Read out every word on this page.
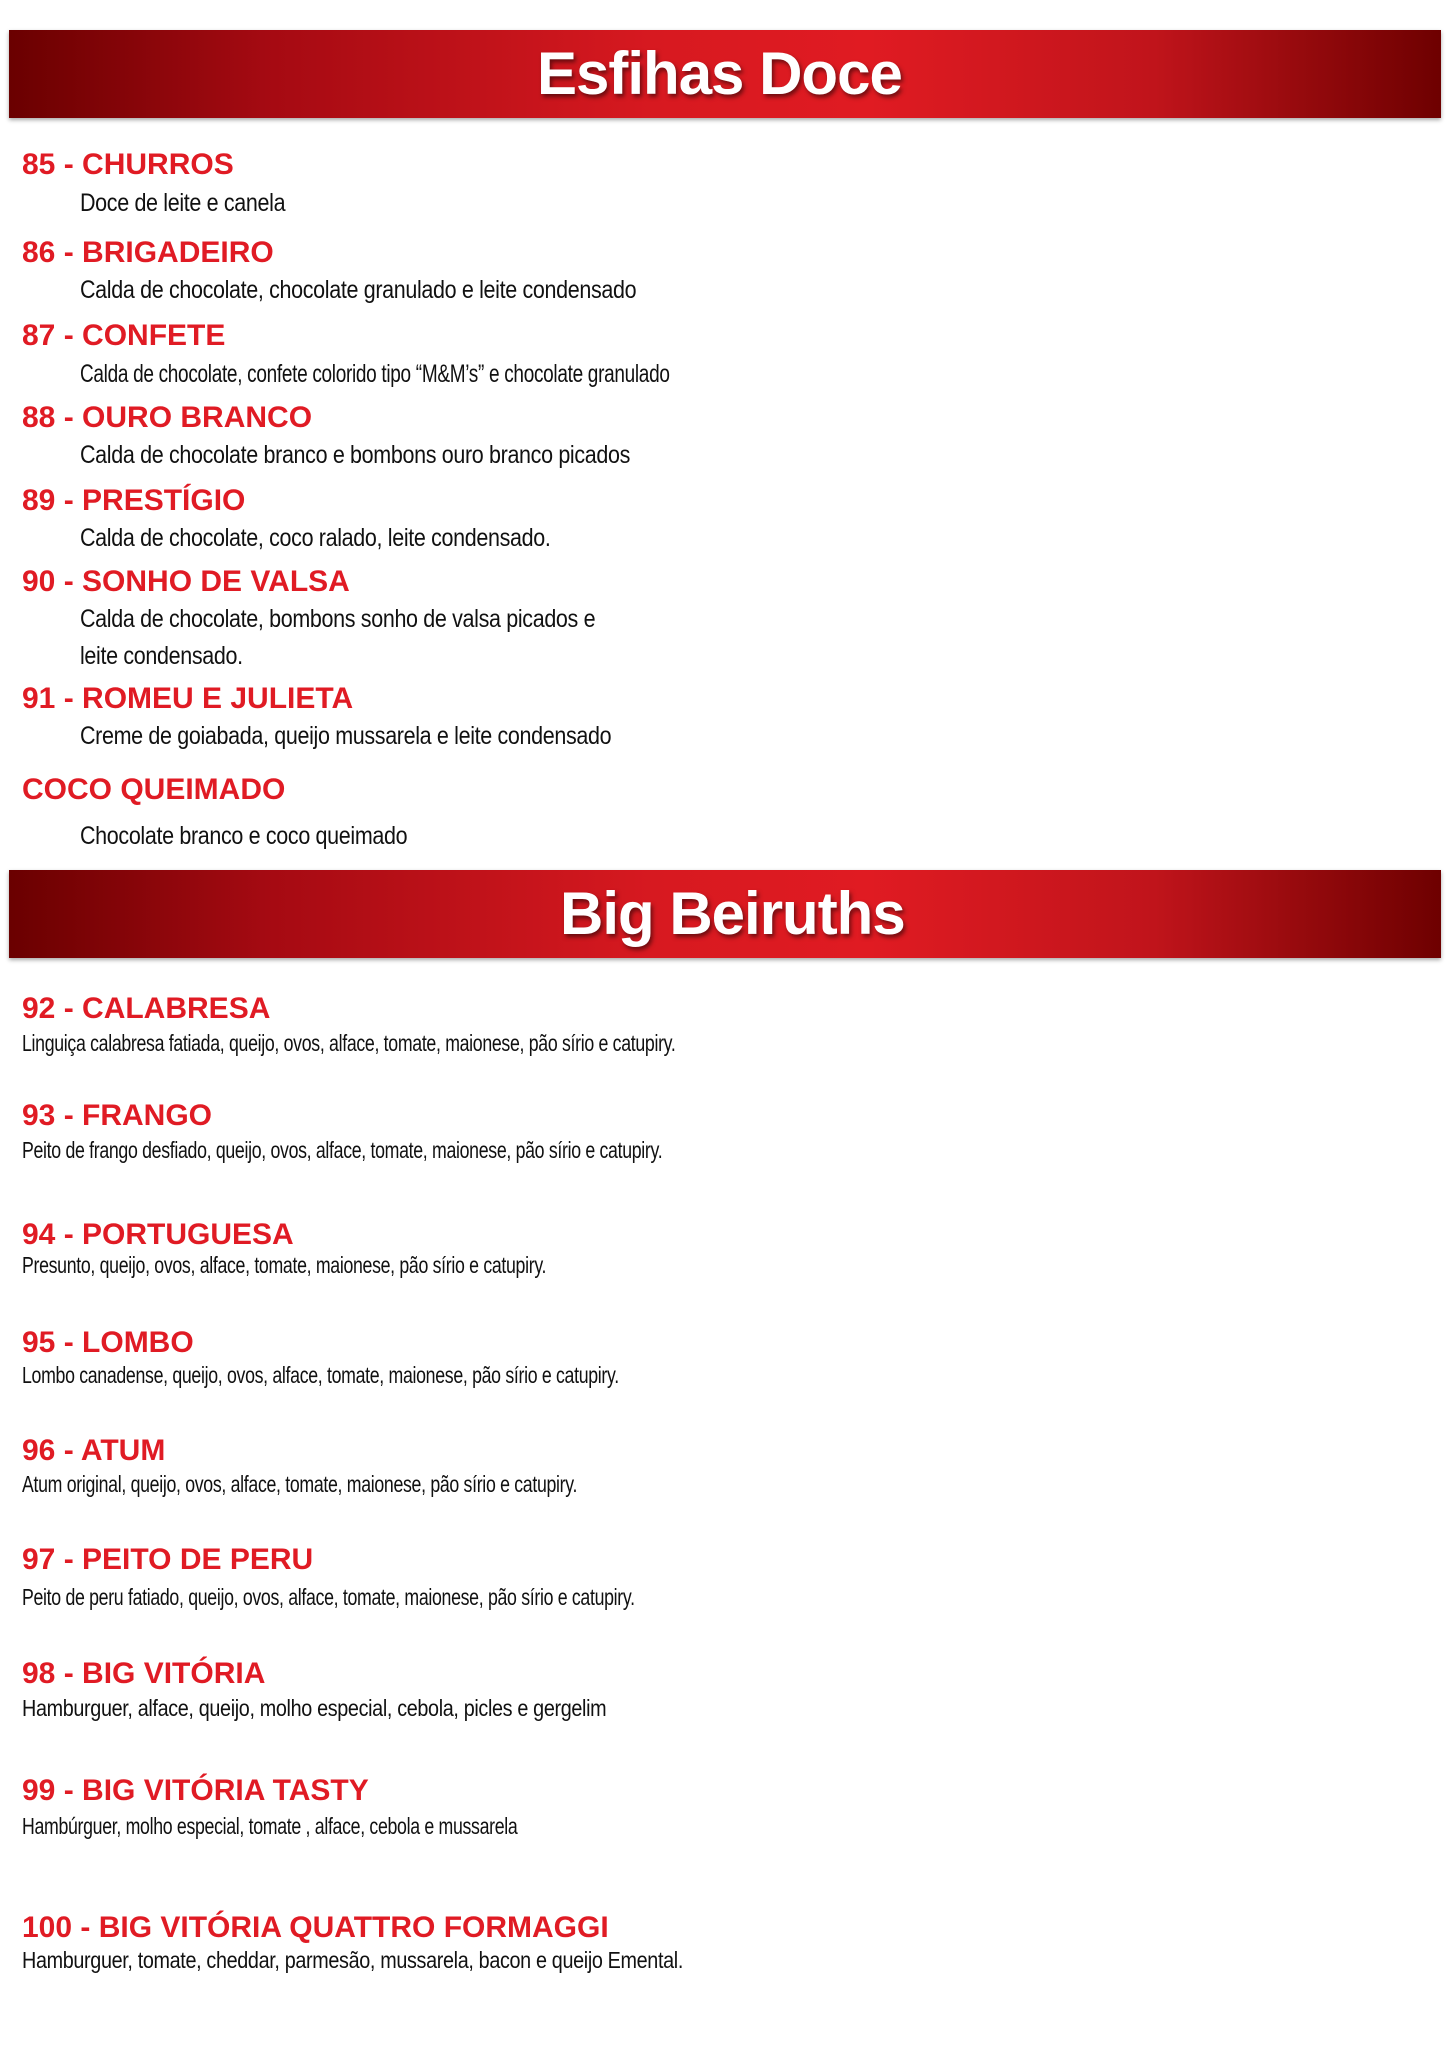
Esfihas Doce
85 - CHURROS
Doce de leite e canela
86 - BRIGADEIRO
Calda de chocolate, chocolate granulado e leite condensado
87 - CONFETE
Calda de chocolate, confete colorido tipo “M&M’s” e chocolate granulado
88 - OURO BRANCO
Calda de chocolate branco e bombons ouro branco picados
89 - PRESTÍGIO
Calda de chocolate, coco ralado, leite condensado.
90 - SONHO DE VALSA
Calda de chocolate, bombons sonho de valsa picados e
leite condensado.
91 - ROMEU E JULIETA
Creme de goiabada, queijo mussarela e leite condensado
COCO QUEIMADO
Chocolate branco e coco queimado
Big Beiruths
92 - CALABRESA
Linguiça calabresa fatiada, queijo, ovos, alface, tomate, maionese, pão sírio e catupiry.
93 - FRANGO
Peito de frango desfiado, queijo, ovos, alface, tomate, maionese, pão sírio e catupiry.
94 - PORTUGUESA
Presunto, queijo, ovos, alface, tomate, maionese, pão sírio e catupiry.
95 - LOMBO
Lombo canadense, queijo, ovos, alface, tomate, maionese, pão sírio e catupiry.
96 - ATUM
Atum original, queijo, ovos, alface, tomate, maionese, pão sírio e catupiry.
97 - PEITO DE PERU
Peito de peru fatiado, queijo, ovos, alface, tomate, maionese, pão sírio e catupiry.
98 - BIG VITÓRIA
Hamburguer, alface, queijo, molho especial, cebola, picles e gergelim
99 - BIG VITÓRIA TASTY
Hambúrguer, molho especial, tomate , alface, cebola e mussarela
100 - BIG VITÓRIA QUATTRO FORMAGGI
Hamburguer, tomate, cheddar, parmesão, mussarela, bacon e queijo Emental.
